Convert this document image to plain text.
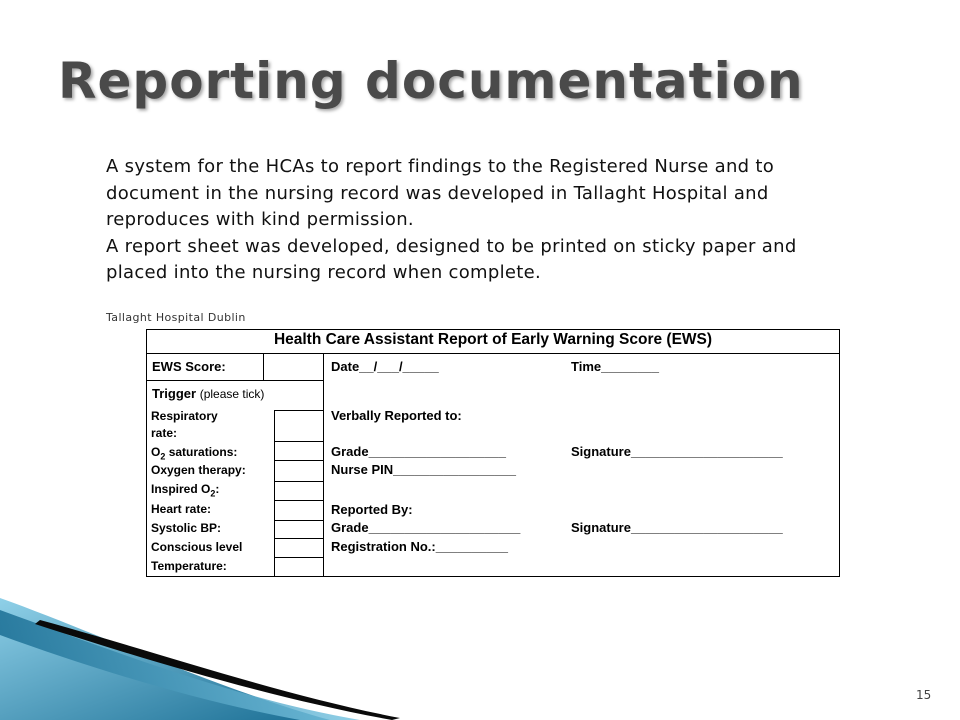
Reporting documentation

A system for the HCAs to report findings to the Registered Nurse and to document in the nursing record was developed in Tallaght Hospital and reproduces with kind permission.

A report sheet was developed, designed to be printed on sticky paper and placed into the nursing record when complete.

Tallaght Hospital Dublin
Health Care Assistant Report of Early Warning Score (EWS)
EWS Score:	Date__/___/_____	Time________
Trigger (please tick)
Respiratory
rate:
$O_2$ saturations:
Oxygen therapy:
Inspired $O_2$:
Heart rate:
Systolic BP:
Conscious level
Temperature:
Verbally Reported to:
Grade___________________	Signature_____________________
Nurse PIN_________________
Reported By:
Grade_____________________	Signature_____________________
Registration No.:__________
15
